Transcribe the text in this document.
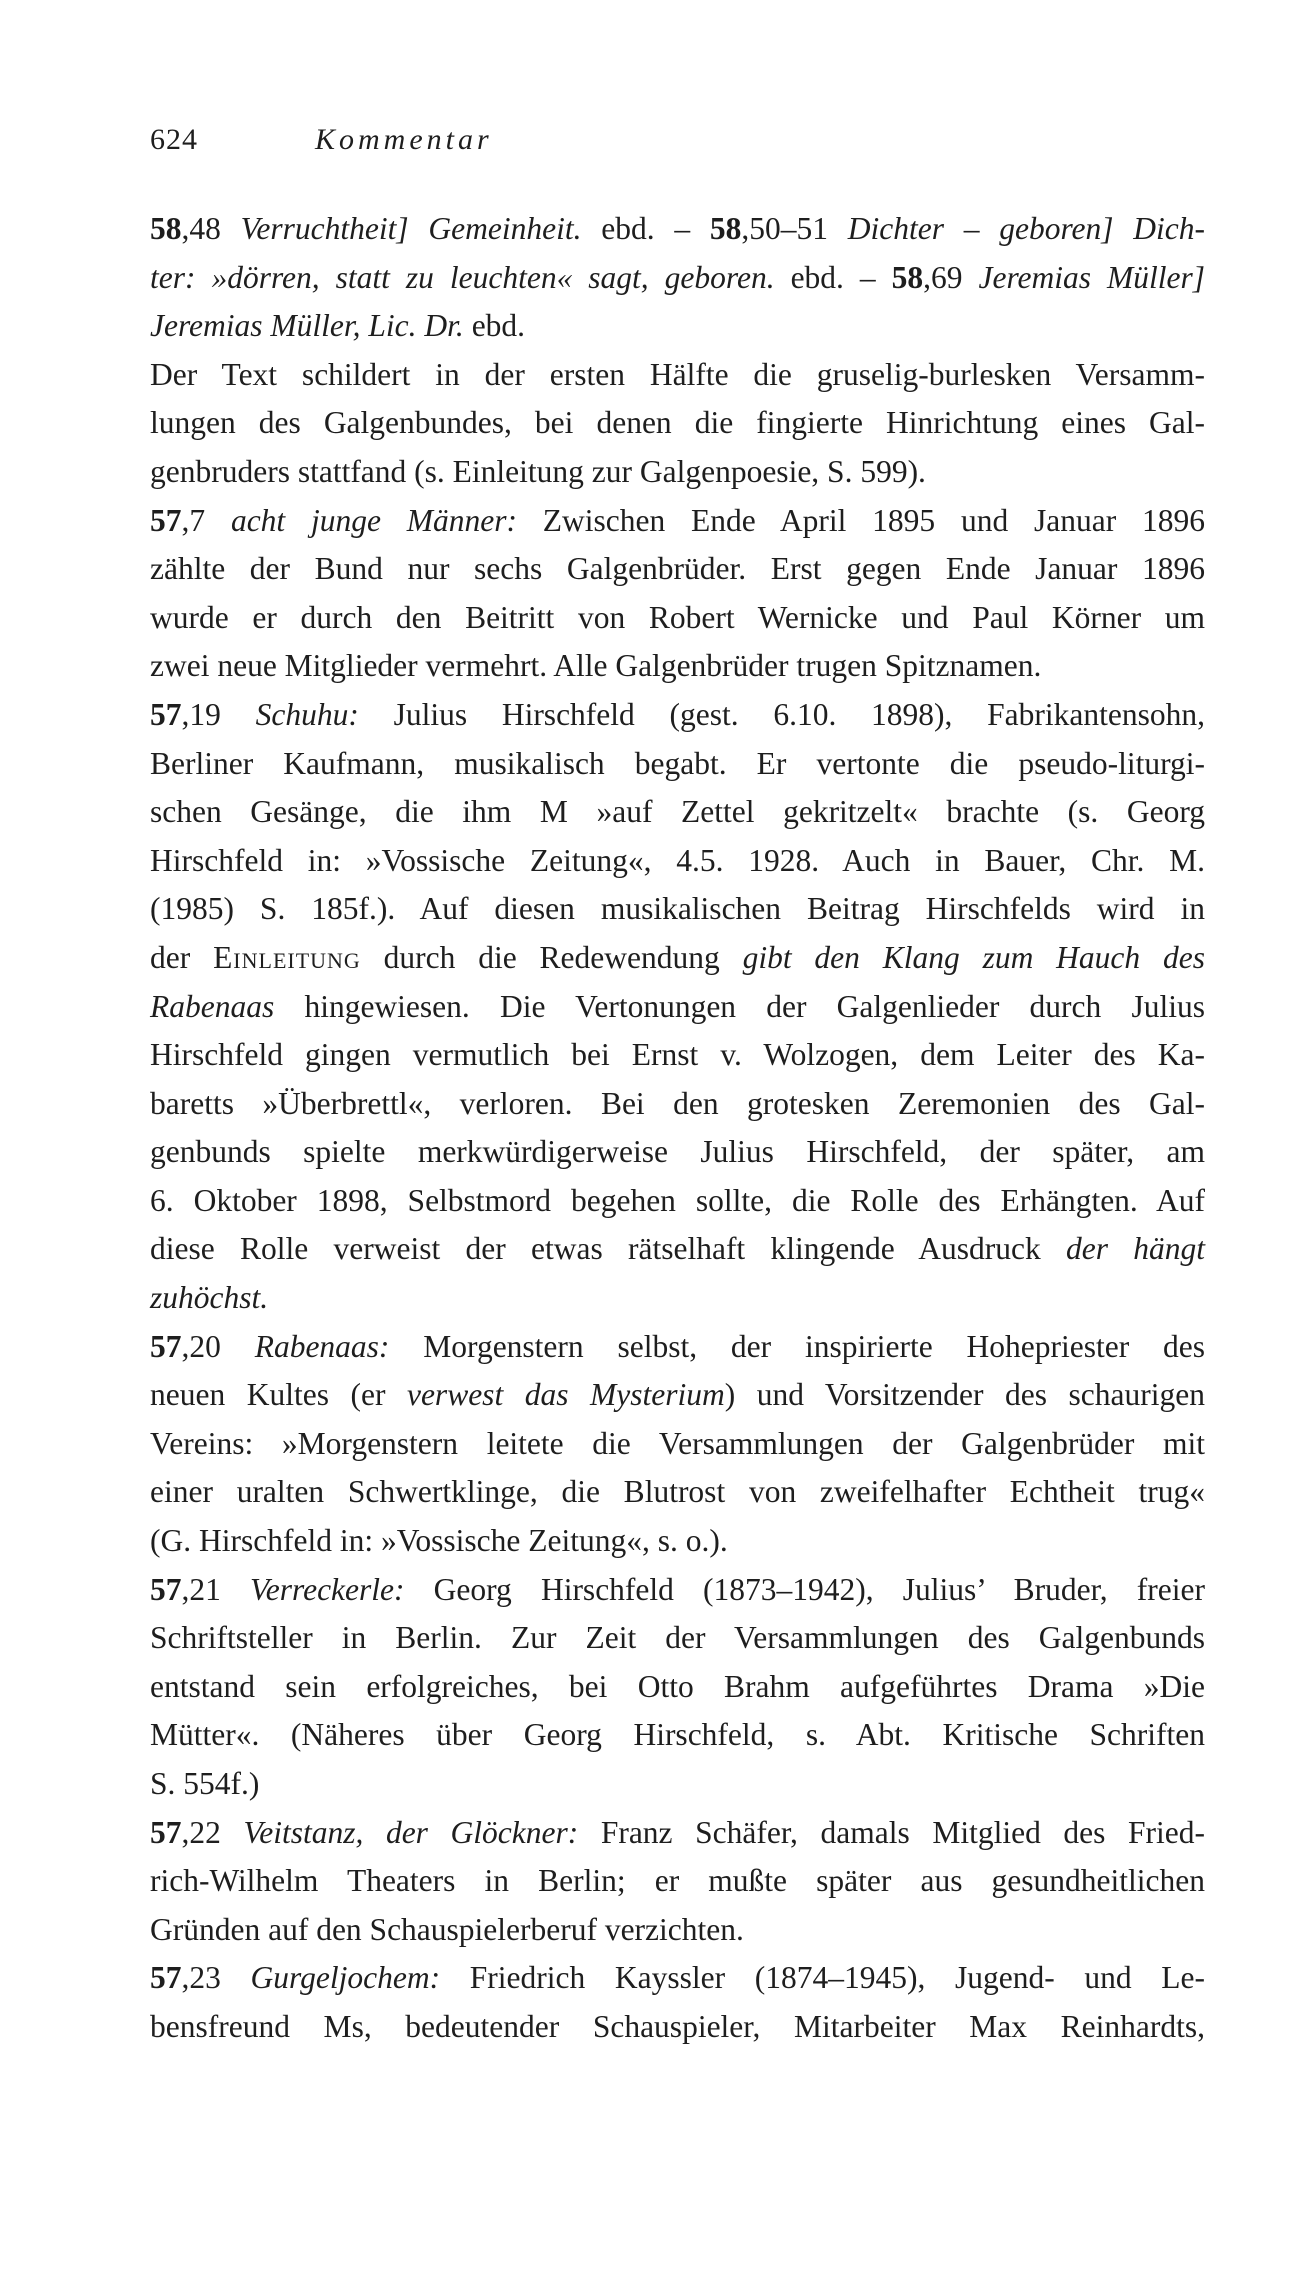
624	Kommentar
58,48 Verruchtheit] Gemeinheit. ebd. – 58,50–51 Dichter – geboren] Dich-
ter: »dörren, statt zu leuchten« sagt, geboren. ebd. – 58,69 Jeremias Müller]
Jeremias Müller, Lic. Dr. ebd.
Der Text schildert in der ersten Hälfte die gruselig-burlesken Versamm-
lungen des Galgenbundes, bei denen die fingierte Hinrichtung eines Gal-
genbruders stattfand (s. Einleitung zur Galgenpoesie, S. 599).
57,7 acht junge Männer: Zwischen Ende April 1895 und Januar 1896
zählte der Bund nur sechs Galgenbrüder. Erst gegen Ende Januar 1896
wurde er durch den Beitritt von Robert Wernicke und Paul Körner um
zwei neue Mitglieder vermehrt. Alle Galgenbrüder trugen Spitznamen.
57,19 Schuhu: Julius Hirschfeld (gest. 6.10. 1898), Fabrikantensohn,
Berliner Kaufmann, musikalisch begabt. Er vertonte die pseudo-liturgi-
schen Gesänge, die ihm M »auf Zettel gekritzelt« brachte (s. Georg
Hirschfeld in: »Vossische Zeitung«, 4.5. 1928. Auch in Bauer, Chr. M.
(1985) S. 185f.). Auf diesen musikalischen Beitrag Hirschfelds wird in
der Einleitung durch die Redewendung gibt den Klang zum Hauch des
Rabenaas hingewiesen. Die Vertonungen der Galgenlieder durch Julius
Hirschfeld gingen vermutlich bei Ernst v. Wolzogen, dem Leiter des Ka-
baretts »Überbrettl«, verloren. Bei den grotesken Zeremonien des Gal-
genbunds spielte merkwürdigerweise Julius Hirschfeld, der später, am
6. Oktober 1898, Selbstmord begehen sollte, die Rolle des Erhängten. Auf
diese Rolle verweist der etwas rätselhaft klingende Ausdruck der hängt
zuhöchst.
57,20 Rabenaas: Morgenstern selbst, der inspirierte Hohepriester des
neuen Kultes (er verwest das Mysterium) und Vorsitzender des schaurigen
Vereins: »Morgenstern leitete die Versammlungen der Galgenbrüder mit
einer uralten Schwertklinge, die Blutrost von zweifelhafter Echtheit trug«
(G. Hirschfeld in: »Vossische Zeitung«, s. o.).
57,21 Verreckerle: Georg Hirschfeld (1873–1942), Julius’ Bruder, freier
Schriftsteller in Berlin. Zur Zeit der Versammlungen des Galgenbunds
entstand sein erfolgreiches, bei Otto Brahm aufgeführtes Drama »Die
Mütter«. (Näheres über Georg Hirschfeld, s. Abt. Kritische Schriften
S. 554f.)
57,22 Veitstanz, der Glöckner: Franz Schäfer, damals Mitglied des Fried-
rich-Wilhelm Theaters in Berlin; er mußte später aus gesundheitlichen
Gründen auf den Schauspielerberuf verzichten.
57,23 Gurgeljochem: Friedrich Kayssler (1874–1945), Jugend- und Le-
bensfreund Ms, bedeutender Schauspieler, Mitarbeiter Max Reinhardts,
